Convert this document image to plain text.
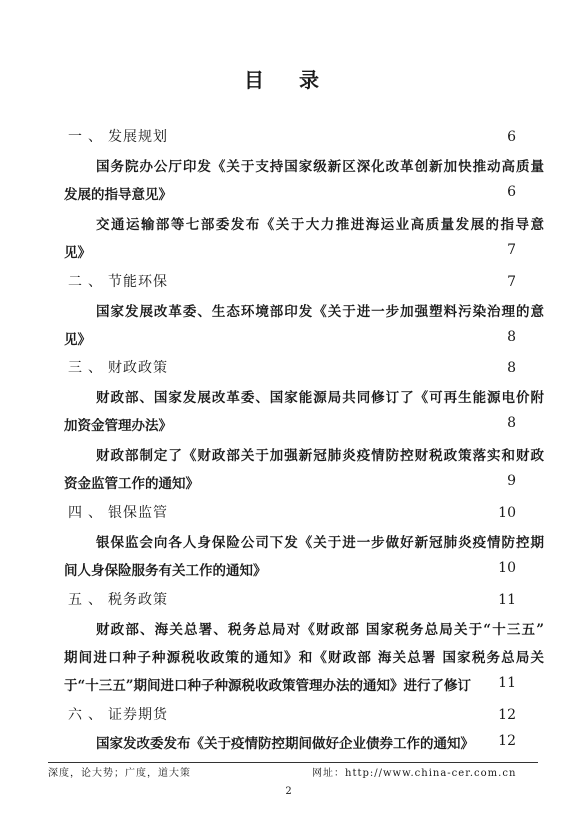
目 录
一、 发展规划	6
国务院办公厅印发《关于支持国家级新区深化改革创新加快推动高质量
发展的指导意见》	6
交通运输部等七部委发布《关于大力推进海运业高质量发展的指导意
见》	7
二、 节能环保	7
国家发展改革委、生态环境部印发《关于进一步加强塑料污染治理的意
见》	8
三、 财政政策	8
财政部、国家发展改革委、国家能源局共同修订了《可再生能源电价附
加资金管理办法》	8
财政部制定了《财政部关于加强新冠肺炎疫情防控财税政策落实和财政
资金监管工作的通知》	9
四、 银保监管	10
银保监会向各人身保险公司下发《关于进一步做好新冠肺炎疫情防控期
间人身保险服务有关工作的通知》	10
五、 税务政策	11
财政部、海关总署、税务总局对《财政部 国家税务总局关于“十三五”
期间进口种子种源税收政策的通知》和《财政部 海关总署 国家税务总局关
于“十三五”期间进口种子种源税收政策管理办法的通知》进行了修订 11
六、 证券期货	12
国家发改委发布《关于疫情防控期间做好企业债券工作的通知》 12
深度，论大势；广度，道大策	网址：http://www.china-cer.com.cn
2
